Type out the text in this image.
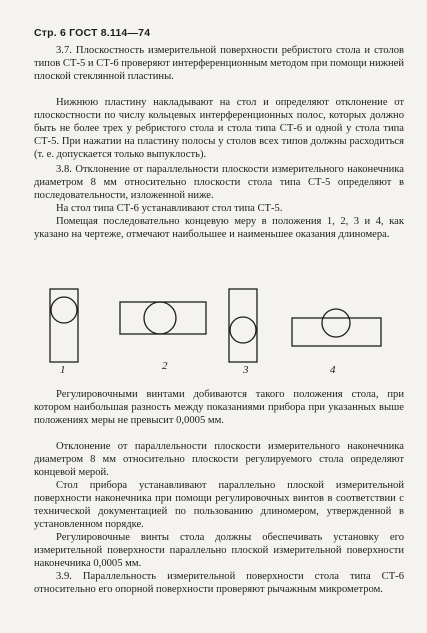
Стр. 6 ГОСТ 8.114—74

3.7. Плоскостность измерительной поверхности ребристого стола и столов типов СТ-5 и СТ-6 проверяют интерференционным методом при помощи нижней плоской стеклянной пластины.

Нижнюю пластину накладывают на стол и определяют отклонение от плоскостности по числу кольцевых интерференционных полос, которых должно быть не более трех у ребристого стола и стола типа СТ-6 и одной у стола типа СТ-5. При нажатии на пластину полосы у столов всех типов должны расходиться (т. е. допускается только выпуклость).

3.8. Отклонение от параллельности плоскости измерительного наконечника диаметром 8 мм относительно плоскости стола типа СТ-5 определяют в последовательности, изложенной ниже.

На стол типа СТ-6 устанавливают стол типа СТ-5.

Помещая последовательно концевую меру в положения 1, 2, 3 и 4, как указано на чертеже, отмечают наибольшее и наименьшее оказания длиномера.

1	2	3	4

Регулировочными винтами добиваются такого положения стола, при котором наибольшая разность между показаниями прибора при указанных выше положениях меры не превысит 0,0005 мм.

Отклонение от параллельности плоскости измерительного наконечника диаметром 8 мм относительно плоскости регулируемого стола определяют концевой мерой.

Стол прибора устанавливают параллельно плоской измерительной поверхности наконечника при помощи регулировочных винтов в соответствии с технической документацией по пользованию длиномером, утвержденной в установленном порядке.

Регулировочные винты стола должны обеспечивать установку его измерительной поверхности параллельно плоской измерительной поверхности наконечника 0,0005 мм.

3.9. Параллельность измерительной поверхности стола типа СТ-6 относительно его опорной поверхности проверяют рычажным микрометром.
